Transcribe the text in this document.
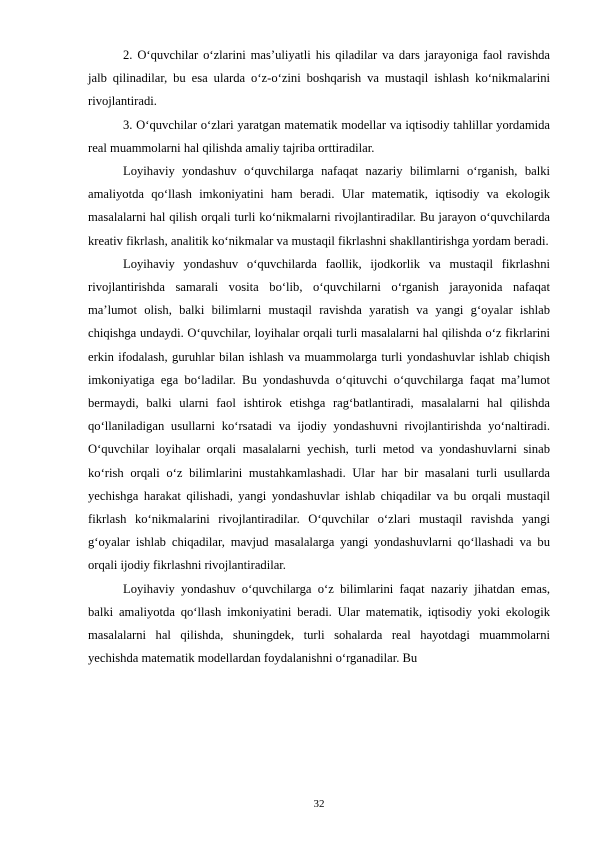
2. O‘quvchilar o‘zlarini mas’uliyatli his qiladilar va dars jarayoniga faol ravishda jalb qilinadilar, bu esa ularda o‘z-o‘zini boshqarish va mustaqil ishlash ko‘nikmalarini rivojlantiradi.

3. O‘quvchilar o‘zlari yaratgan matematik modellar va iqtisodiy tahlillar yordamida real muammolarni hal qilishda amaliy tajriba orttiradilar.

Loyihaviy yondashuv o‘quvchilarga nafaqat nazariy bilimlarni o‘rganish, balki amaliyotda qo‘llash imkoniyatini ham beradi. Ular matematik, iqtisodiy va ekologik masalalarni hal qilish orqali turli ko‘nikmalarni rivojlantiradilar. Bu jarayon o‘quvchilarda kreativ fikrlash, analitik ko‘nikmalar va mustaqil fikrlashni shakllantirishga yordam beradi.

Loyihaviy yondashuv o‘quvchilarda faollik, ijodkorlik va mustaqil fikrlashni rivojlantirishda samarali vosita bo‘lib, o‘quvchilarni o‘rganish jarayonida nafaqat ma’lumot olish, balki bilimlarni mustaqil ravishda yaratish va yangi g‘oyalar ishlab chiqishga undaydi. O‘quvchilar, loyihalar orqali turli masalalarni hal qilishda o‘z fikrlarini erkin ifodalash, guruhlar bilan ishlash va muammolarga turli yondashuvlar ishlab chiqish imkoniyatiga ega bo‘ladilar. Bu yondashuvda o‘qituvchi o‘quvchilarga faqat ma’lumot bermaydi, balki ularni faol ishtirok etishga rag‘batlantiradi, masalalarni hal qilishda qo‘llaniladigan usullarni ko‘rsatadi va ijodiy yondashuvni rivojlantirishda yo‘naltiradi. O‘quvchilar loyihalar orqali masalalarni yechish, turli metod va yondashuvlarni sinab ko‘rish orqali o‘z bilimlarini mustahkamlashadi. Ular har bir masalani turli usullarda yechishga harakat qilishadi, yangi yondashuvlar ishlab chiqadilar va bu orqali mustaqil fikrlash ko‘nikmalarini rivojlantiradilar. O‘quvchilar o‘zlari mustaqil ravishda yangi g‘oyalar ishlab chiqadilar, mavjud masalalarga yangi yondashuvlarni qo‘llashadi va bu orqali ijodiy fikrlashni rivojlantiradilar.

Loyihaviy yondashuv o‘quvchilarga o‘z bilimlarini faqat nazariy jihatdan emas, balki amaliyotda qo‘llash imkoniyatini beradi. Ular matematik, iqtisodiy yoki ekologik masalalarni hal qilishda, shuningdek, turli sohalarda real hayotdagi muammolarni yechishda matematik modellardan foydalanishni o‘rganadilar. Bu

32
